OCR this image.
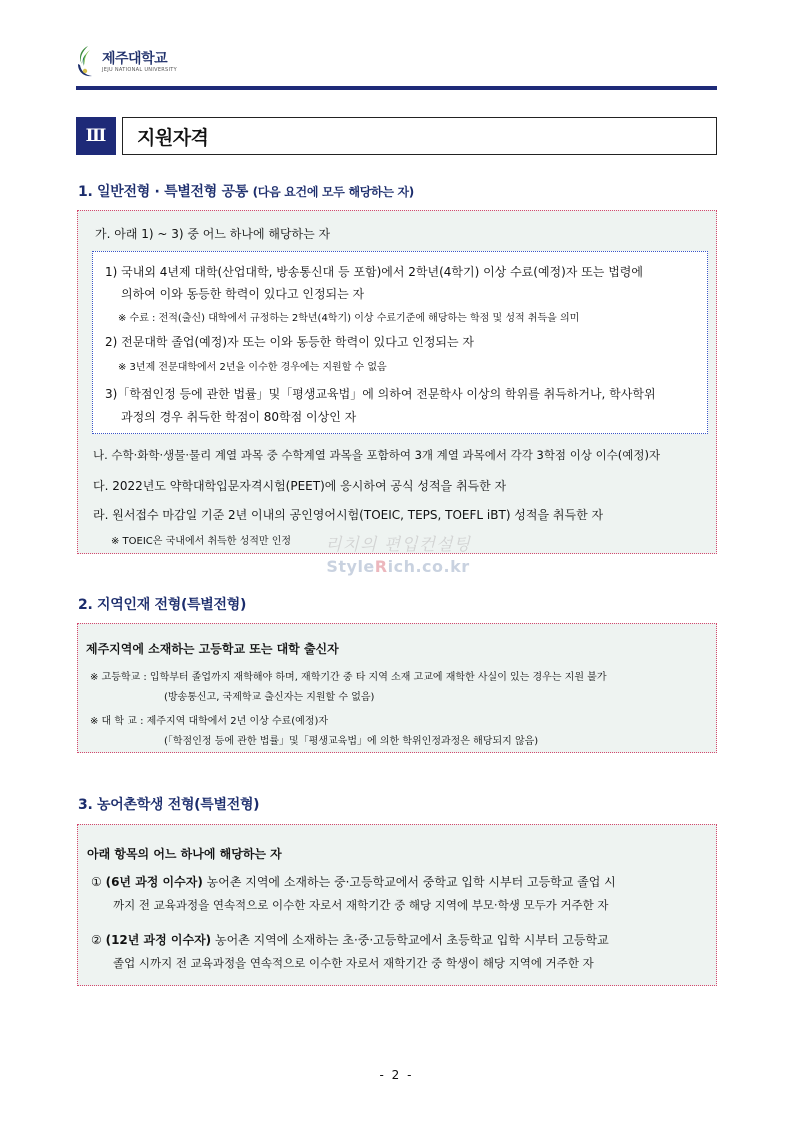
제주대학교
JEJU NATIONAL UNIVERSITY
Ⅲ	지원자격
1. 일반전형 · 특별전형 공통 (다음 요건에 모두 해당하는 자)
가. 아래 1) ~ 3) 중 어느 하나에 해당하는 자
1) 국내외 4년제 대학(산업대학, 방송통신대 등 포함)에서 2학년(4학기) 이상 수료(예정)자 또는 법령에
의하여 이와 동등한 학력이 있다고 인정되는 자
※ 수료 : 전적(출신) 대학에서 규정하는 2학년(4학기) 이상 수료기준에 해당하는 학점 및 성적 취득을 의미
2) 전문대학 졸업(예정)자 또는 이와 동등한 학력이 있다고 인정되는 자
※ 3년제 전문대학에서 2년을 이수한 경우에는 지원할 수 없음
3)「학점인정 등에 관한 법률」및「평생교육법」에 의하여 전문학사 이상의 학위를 취득하거나, 학사학위
과정의 경우 취득한 학점이 80학점 이상인 자
나. 수학·화학·생물·물리 계열 과목 중 수학계열 과목을 포함하여 3개 계열 과목에서 각각 3학점 이상 이수(예정)자
다. 2022년도 약학대학입문자격시험(PEET)에 응시하여 공식 성적을 취득한 자
라. 원서접수 마감일 기준 2년 이내의 공인영어시험(TOEIC, TEPS, TOEFL iBT) 성적을 취득한 자
※ TOEIC은 국내에서 취득한 성적만 인정	리치의 편입컨설팅
StyleRich.co.kr
2. 지역인재 전형(특별전형)
제주지역에 소재하는 고등학교 또는 대학 출신자
※ 고등학교 : 입학부터 졸업까지 재학해야 하며, 재학기간 중 타 지역 소재 고교에 재학한 사실이 있는 경우는 지원 불가
(방송통신고, 국제학교 출신자는 지원할 수 없음)
※ 대 학 교 : 제주지역 대학에서 2년 이상 수료(예정)자
(「학점인정 등에 관한 법률」및「평생교육법」에 의한 학위인정과정은 해당되지 않음)
3. 농어촌학생 전형(특별전형)
아래 항목의 어느 하나에 해당하는 자
① (6년 과정 이수자) 농어촌 지역에 소재하는 중·고등학교에서 중학교 입학 시부터 고등학교 졸업 시
까지 전 교육과정을 연속적으로 이수한 자로서 재학기간 중 해당 지역에 부모·학생 모두가 거주한 자
② (12년 과정 이수자) 농어촌 지역에 소재하는 초·중·고등학교에서 초등학교 입학 시부터 고등학교
졸업 시까지 전 교육과정을 연속적으로 이수한 자로서 재학기간 중 학생이 해당 지역에 거주한 자
- 2 -
